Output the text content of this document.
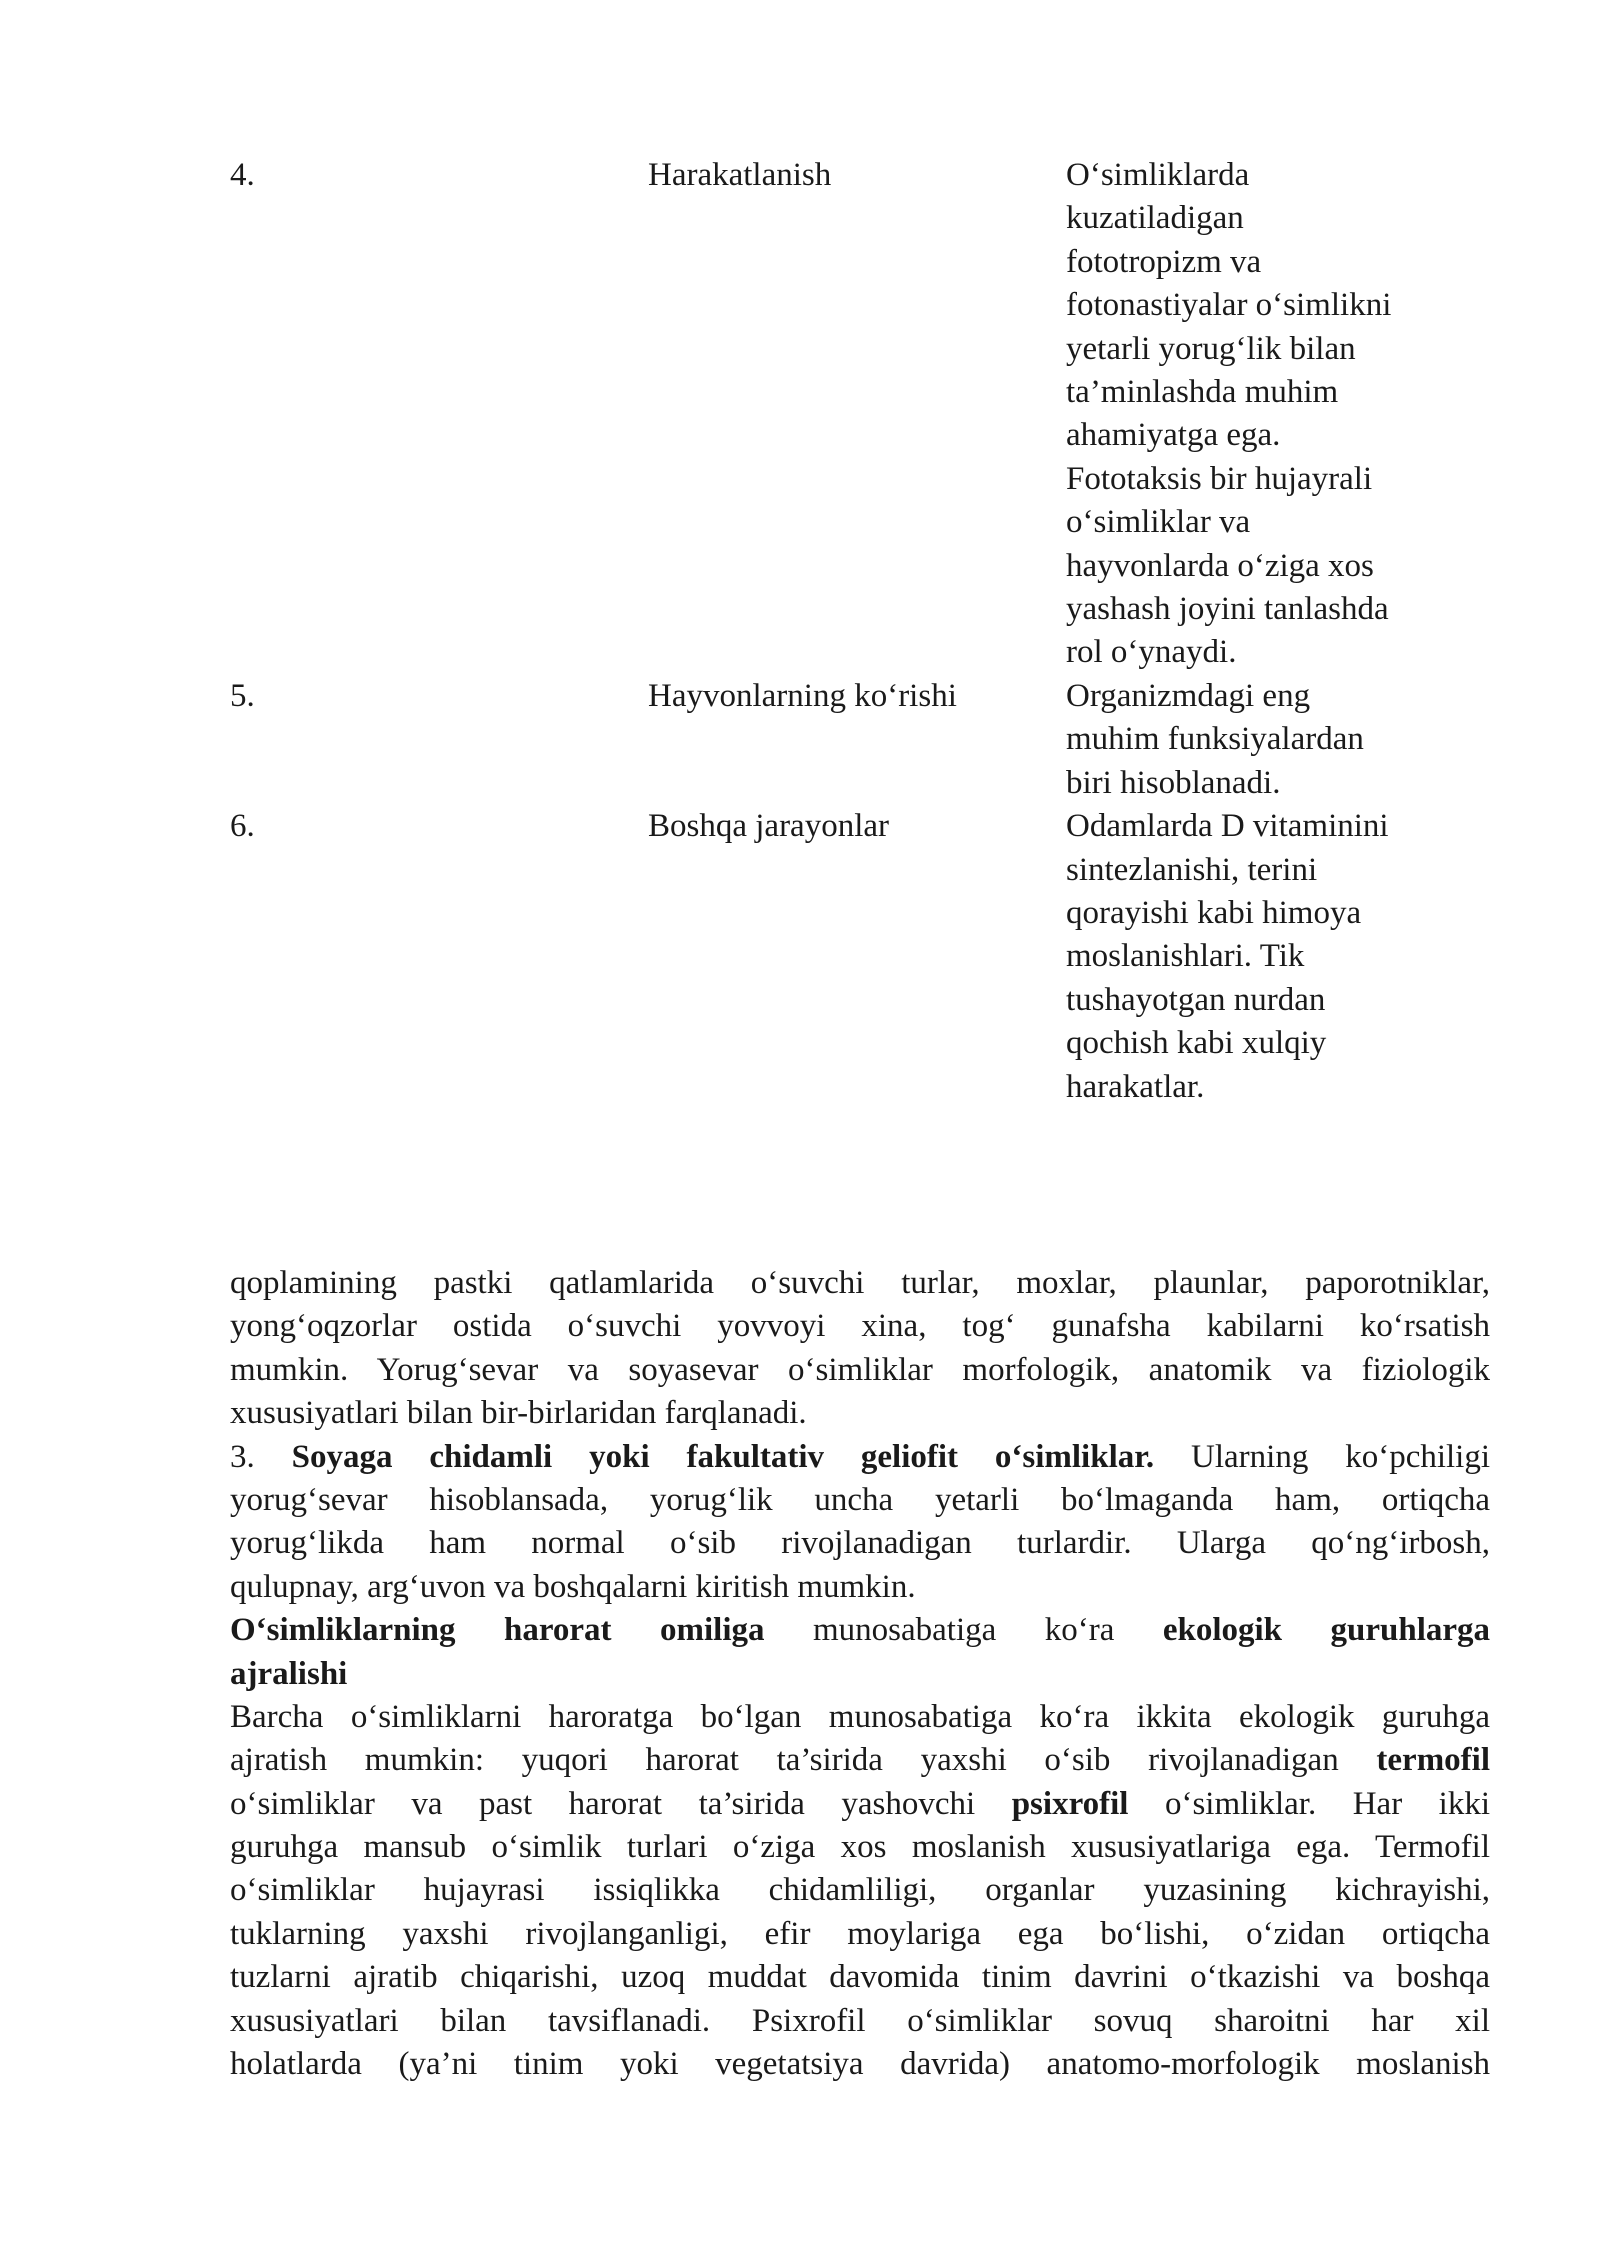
4.	Harakatlanish	O‘simliklarda
kuzatiladigan
fototropizm va
fotonastiyalar o‘simlikni
yetarli yorug‘lik bilan
ta’minlashda muhim
ahamiyatga ega.
Fototaksis bir hujayrali
o‘simliklar va
hayvonlarda o‘ziga xos
yashash joyini tanlashda
rol o‘ynaydi.
5.	Hayvonlarning ko‘rishi	Organizmdagi eng
muhim funksiyalardan
biri hisoblanadi.
6.	Boshqa jarayonlar	Odamlarda D vitaminini
sintezlanishi, terini
qorayishi kabi himoya
moslanishlari. Tik
tushayotgan nurdan
qochish kabi xulqiy
harakatlar.
qoplamining pastki qatlamlarida o‘suvchi turlar, moxlar, plaunlar, paporotniklar,
yong‘oqzorlar ostida o‘suvchi yovvoyi xina, tog‘ gunafsha kabilarni ko‘rsatish
mumkin. Yorug‘sevar va soyasevar o‘simliklar morfologik, anatomik va fiziologik
xususiyatlari bilan bir-birlaridan farqlanadi.
3. Soyaga chidamli yoki fakultativ geliofit o‘simliklar. Ularning ko‘pchiligi
yorug‘sevar hisoblansada, yorug‘lik uncha yetarli bo‘lmaganda ham, ortiqcha
yorug‘likda ham normal o‘sib rivojlanadigan turlardir. Ularga qo‘ng‘irbosh,
qulupnay, arg‘uvon va boshqalarni kiritish mumkin.
O‘simliklarning harorat omiliga munosabatiga ko‘ra ekologik guruhlarga
ajralishi
Barcha o‘simliklarni haroratga bo‘lgan munosabatiga ko‘ra ikkita ekologik guruhga
ajratish mumkin: yuqori harorat ta’sirida yaxshi o‘sib rivojlanadigan termofil
o‘simliklar va past harorat ta’sirida yashovchi psixrofil o‘simliklar. Har ikki
guruhga mansub o‘simlik turlari o‘ziga xos moslanish xususiyatlariga ega. Termofil
o‘simliklar hujayrasi issiqlikka chidamliligi, organlar yuzasining kichrayishi,
tuklarning yaxshi rivojlanganligi, efir moylariga ega bo‘lishi, o‘zidan ortiqcha
tuzlarni ajratib chiqarishi, uzoq muddat davomida tinim davrini o‘tkazishi va boshqa
xususiyatlari bilan tavsiflanadi. Psixrofil o‘simliklar sovuq sharoitni har xil
holatlarda (ya’ni tinim yoki vegetatsiya davrida) anatomo-morfologik moslanish
